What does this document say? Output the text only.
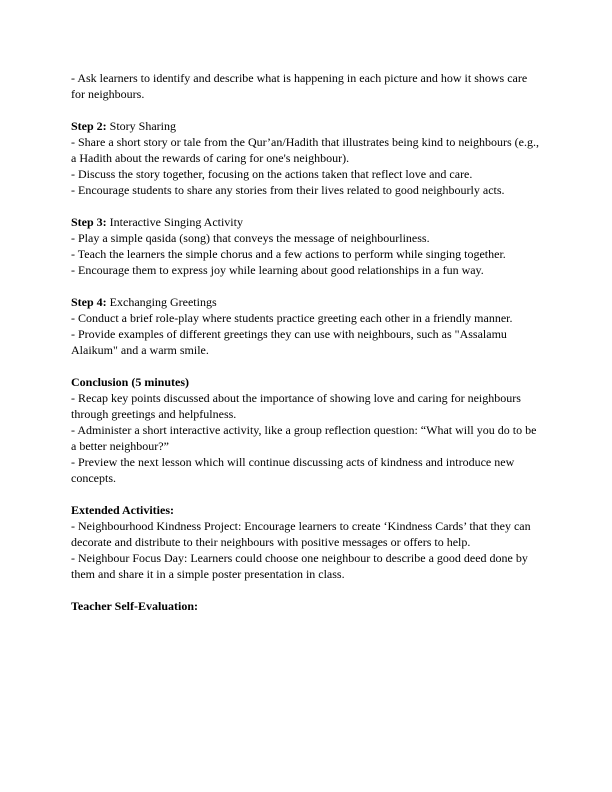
- Ask learners to identify and describe what is happening in each picture and how it shows care for neighbours.

Step 2: Story Sharing

- Share a short story or tale from the Qur’an/Hadith that illustrates being kind to neighbours (e.g., a Hadith about the rewards of caring for one's neighbour).

- Discuss the story together, focusing on the actions taken that reflect love and care.

- Encourage students to share any stories from their lives related to good neighbourly acts.

Step 3: Interactive Singing Activity

- Play a simple qasida (song) that conveys the message of neighbourliness.

- Teach the learners the simple chorus and a few actions to perform while singing together.

- Encourage them to express joy while learning about good relationships in a fun way.

Step 4: Exchanging Greetings

- Conduct a brief role-play where students practice greeting each other in a friendly manner.

- Provide examples of different greetings they can use with neighbours, such as "Assalamu Alaikum" and a warm smile.

Conclusion (5 minutes)

- Recap key points discussed about the importance of showing love and caring for neighbours through greetings and helpfulness.

- Administer a short interactive activity, like a group reflection question: “What will you do to be a better neighbour?”

- Preview the next lesson which will continue discussing acts of kindness and introduce new concepts.

Extended Activities:

- Neighbourhood Kindness Project: Encourage learners to create ‘Kindness Cards’ that they can decorate and distribute to their neighbours with positive messages or offers to help.

- Neighbour Focus Day: Learners could choose one neighbour to describe a good deed done by them and share it in a simple poster presentation in class.

Teacher Self-Evaluation:
